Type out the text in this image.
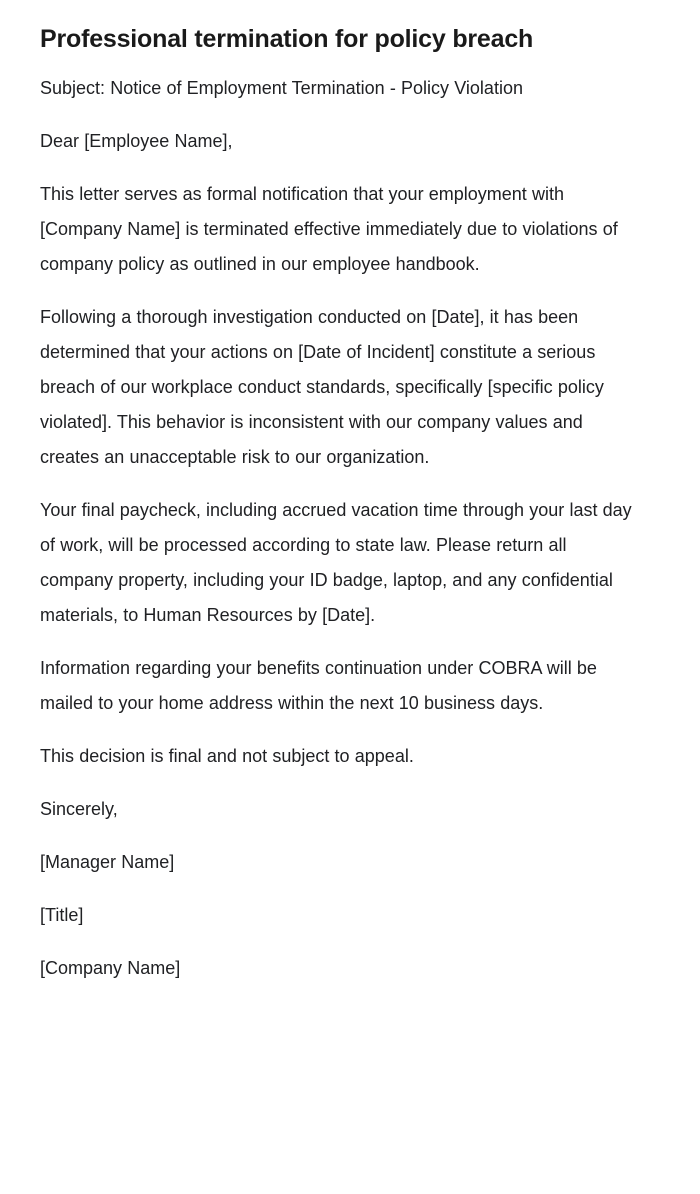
Professional termination for policy breach

Subject: Notice of Employment Termination - Policy Violation

Dear [Employee Name],

This letter serves as formal notification that your employment with [Company Name] is terminated effective immediately due to violations of company policy as outlined in our employee handbook.

Following a thorough investigation conducted on [Date], it has been determined that your actions on [Date of Incident] constitute a serious breach of our workplace conduct standards, specifically [specific policy violated]. This behavior is inconsistent with our company values and creates an unacceptable risk to our organization.

Your final paycheck, including accrued vacation time through your last day of work, will be processed according to state law. Please return all company property, including your ID badge, laptop, and any confidential materials, to Human Resources by [Date].

Information regarding your benefits continuation under COBRA will be mailed to your home address within the next 10 business days.

This decision is final and not subject to appeal.

Sincerely,

[Manager Name]

[Title]

[Company Name]
